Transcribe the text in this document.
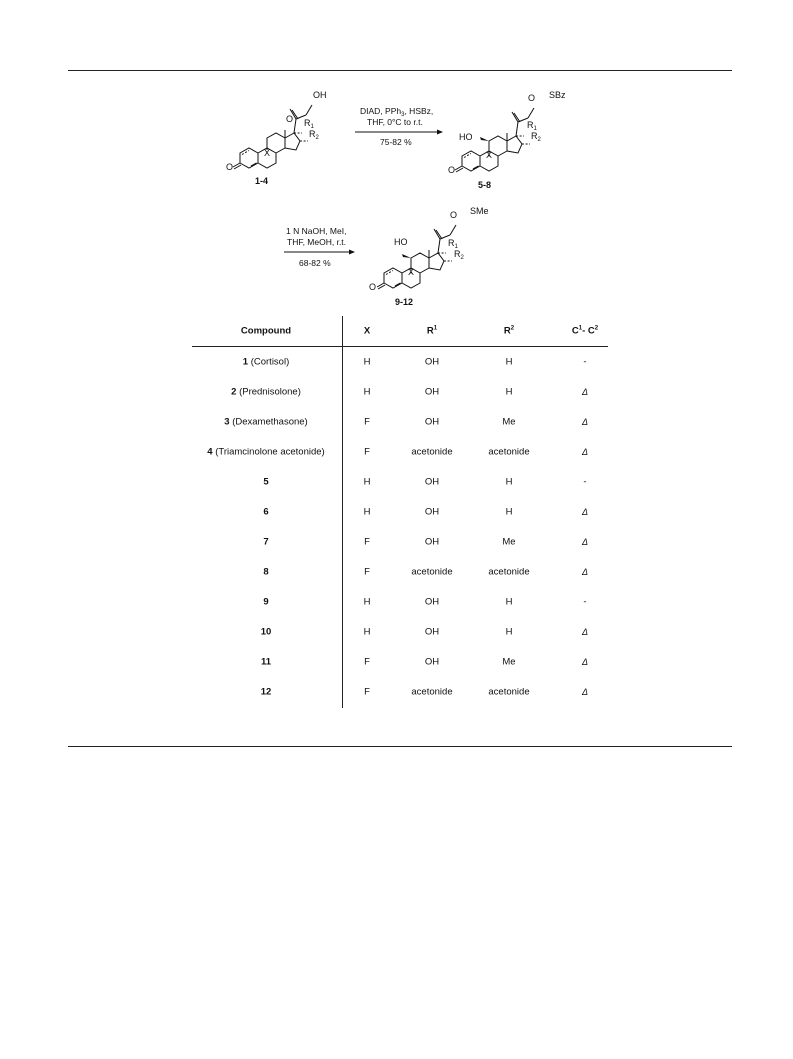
O
OH
$R_1$
$R_2$
X
O
1-4
DIAD, PPh$_3$, HSBz,
THF, 0°C to r.t.
75-82 %
O SBz
HO
$R_1$
$R_2$
X
O
5-8
1 N NaOH, MeI,
THF, MeOH, r.t.
68-82 %
O SMe
HO	$R_1$
$R_2$
X
O
9-12
Compound	X	$R^1$	$R^2$	$C^1-$ $C^2$
1 (Cortisol)	H	OH	H	-
2 (Prednisolone)	H	OH	H	Δ
3 (Dexamethasone)	F	OH	Me	Δ
4 (Triamcinolone acetonide)	F	acetonide	acetonide	Δ
5	H	OH	H	-
6	H	OH	H	Δ
7	F	OH	Me	Δ
8	F	acetonide	acetonide	Δ
9	H	OH	H	-
10	H	OH	H	Δ
11	F	OH	Me	Δ
12	F	acetonide	acetonide	Δ
